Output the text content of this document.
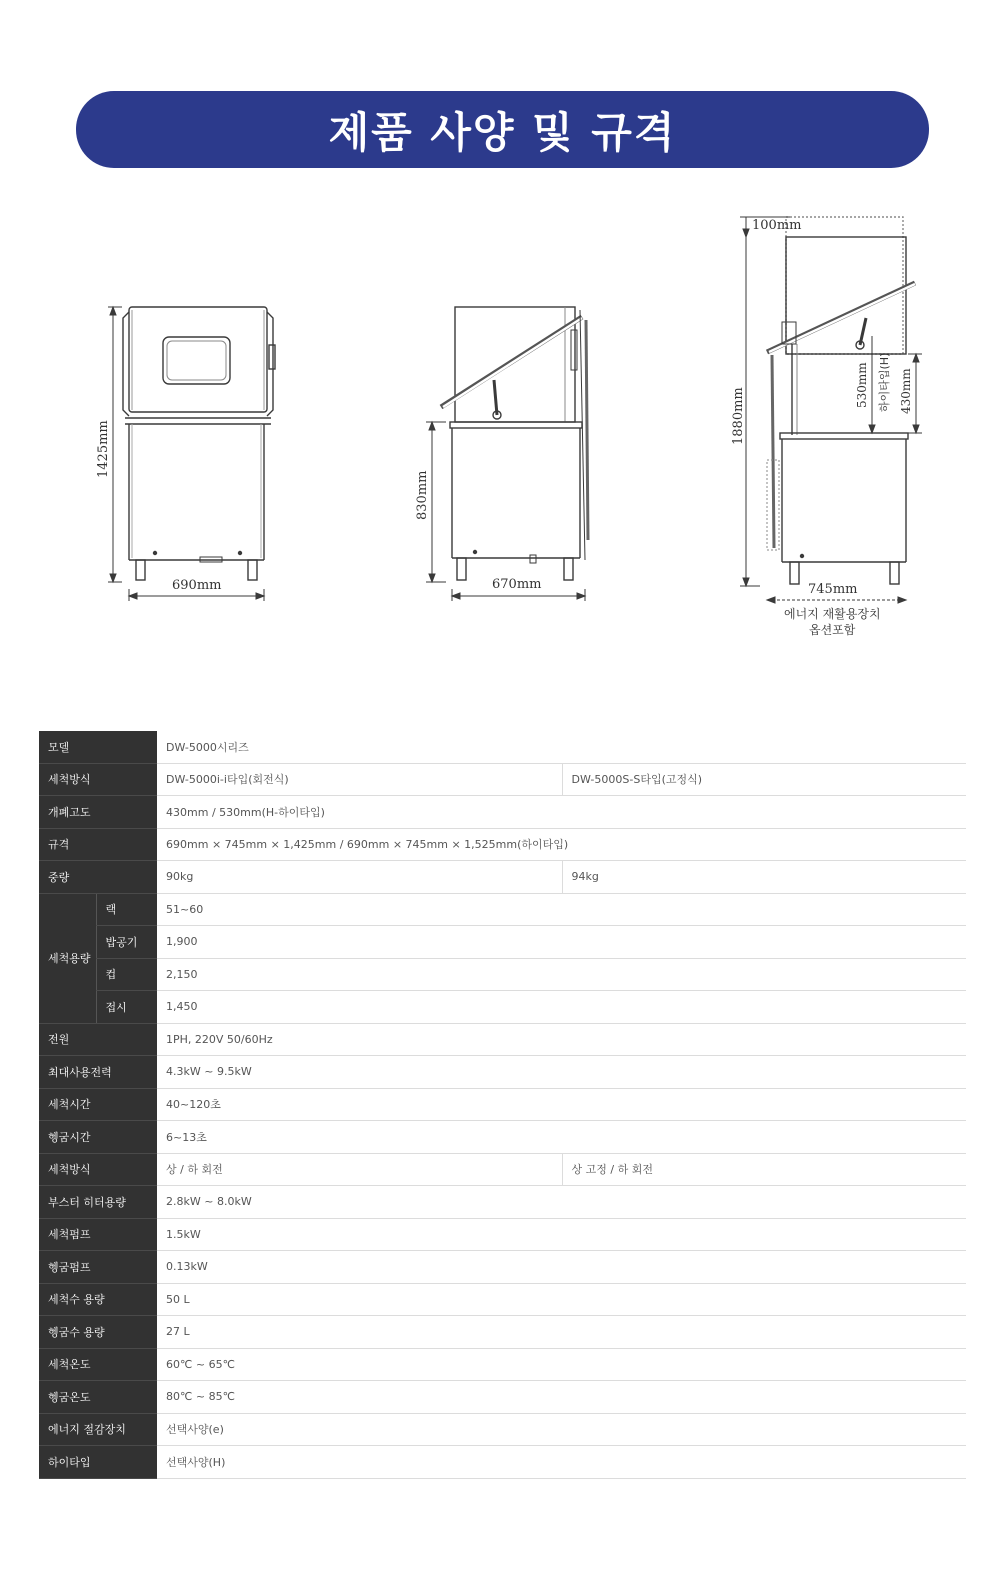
제품 사양 및 규격
1425mm
690mm
830mm
670mm
100mm
1880mm
530mm 하이타입(H) 430mm
745mm
에너지 재활용장치
옵션포함
모델		DW-5000시리즈	
세척방식		DW-5000i-i타입(회전식)	DW-5000S-S타입(고정식)
개폐고도		430mm / 530mm(H-하이타입)	
규격		690mm × 745mm × 1,425mm / 690mm × 745mm × 1,525mm(하이타입)	
중량		90kg	94kg
세척용량	랙	51~60	
	밥공기	1,900	
	컵	2,150	
	접시	1,450	
전원		1PH, 220V 50/60Hz	
최대사용전력		4.3kW ~ 9.5kW	
세척시간		40~120초	
헹굼시간		6~13초	
세척방식		상 / 하 회전	상 고정 / 하 회전
부스터 히터용량		2.8kW ~ 8.0kW	
세척펌프		1.5kW	
헹굼펌프		0.13kW	
세척수 용량		50 L	
헹굼수 용량		27 L	
세척온도		60℃ ~ 65℃	
헹굼온도		80℃ ~ 85℃	
에너지 절감장치		선택사양(e)	
하이타입		선택사양(H)	
